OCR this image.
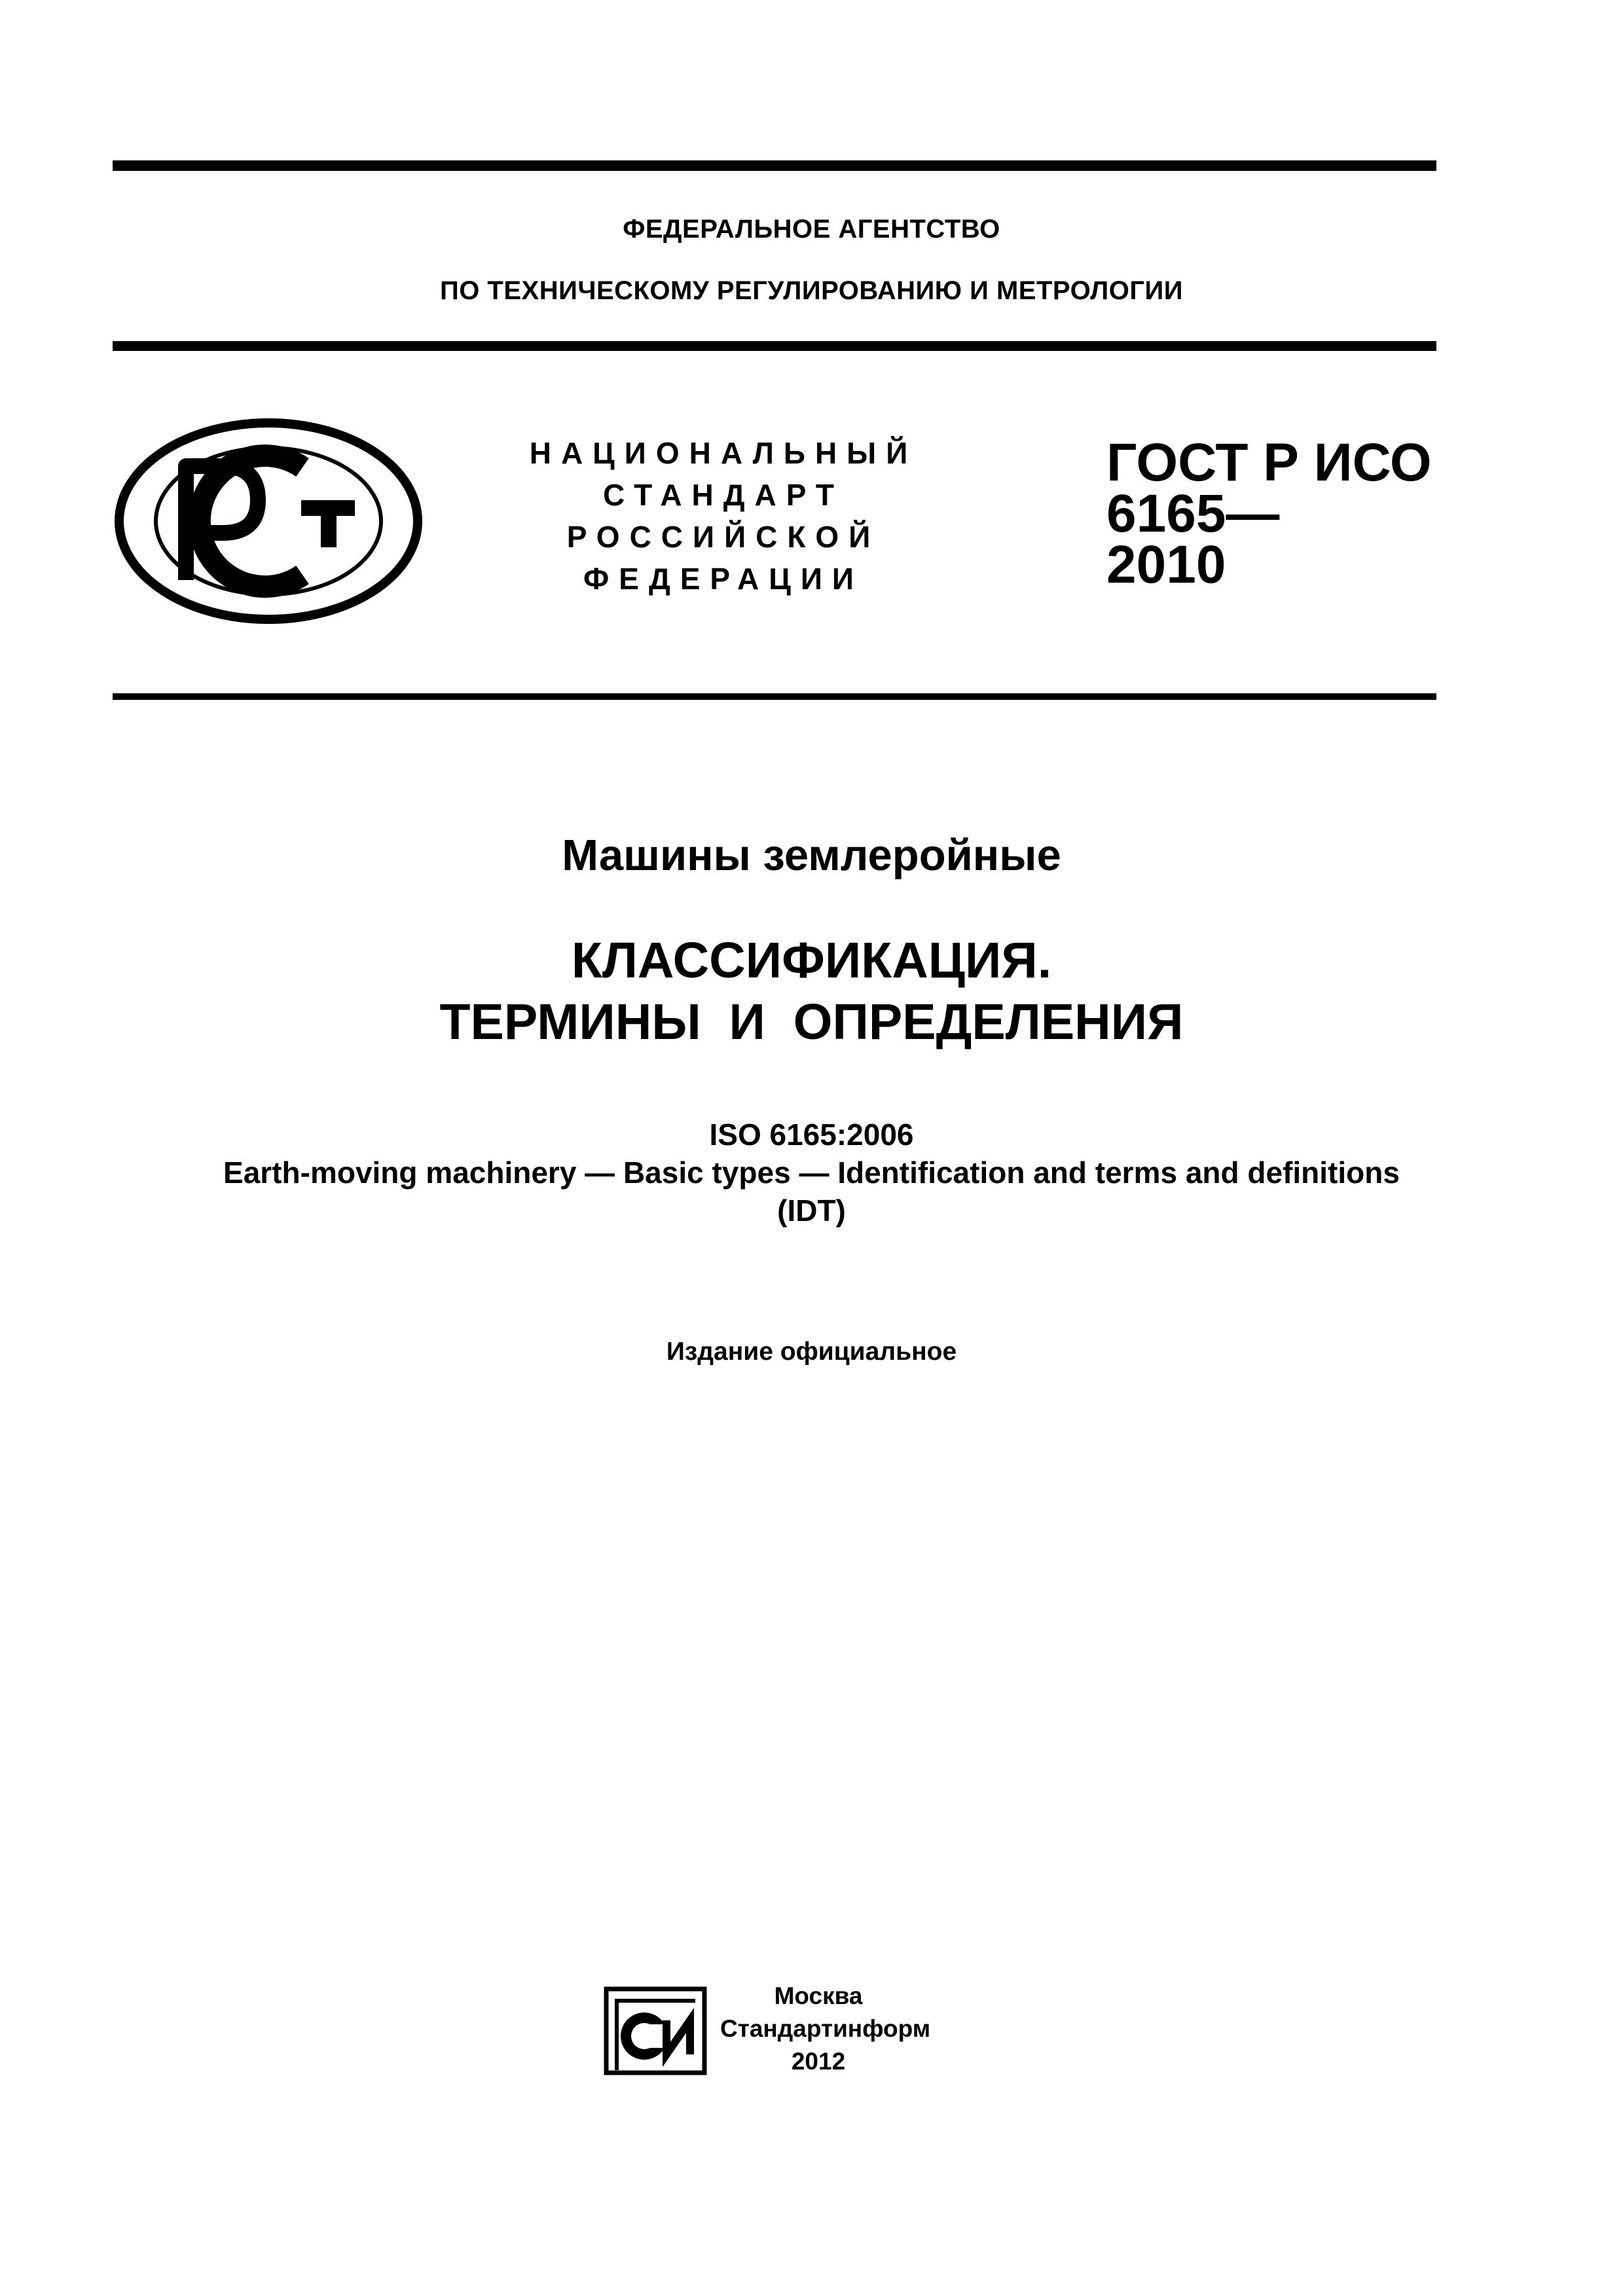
ФЕДЕРАЛЬНОЕ АГЕНТСТВО
ПО ТЕХНИЧЕСКОМУ РЕГУЛИРОВАНИЮ И МЕТРОЛОГИИ
НАЦИОНАЛЬНЫЙ
СТАНДАРТ
РОССИЙСКОЙ
ФЕДЕРАЦИИ
ГОСТ Р ИСО
6165—
2010
Машины землеройные
КЛАССИФИКАЦИЯ.
ТЕРМИНЫ  И  ОПРЕДЕЛЕНИЯ
ISO 6165:2006
Earth-moving machinery — Basic types — Identification and terms and definitions
(IDT)
Издание официальное
Москва
Стандартинформ
2012
